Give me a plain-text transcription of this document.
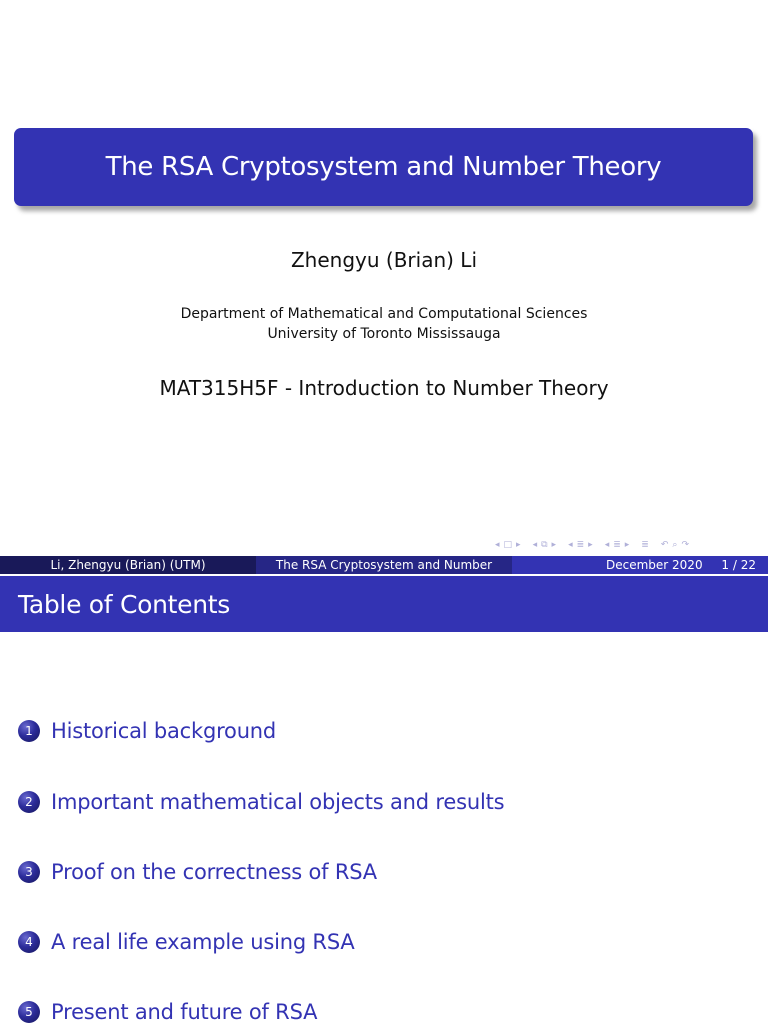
The RSA Cryptosystem and Number Theory
Zhengyu (Brian) Li
Department of Mathematical and Computational Sciences
University of Toronto Mississauga
MAT315H5F - Introduction to Number Theory
◂ □ ▸ ◂ ⧉ ▸ ◂ ≣ ▸ ◂ ≣ ▸ ≣ ↶ ⌕ ↷
Li, Zhengyu (Brian) (UTM)	The RSA Cryptosystem and Number	December 2020 1 / 22
Table of Contents
1 Historical background
2 Important mathematical objects and results
3 Proof on the correctness of RSA
4 A real life example using RSA
5 Present and future of RSA
